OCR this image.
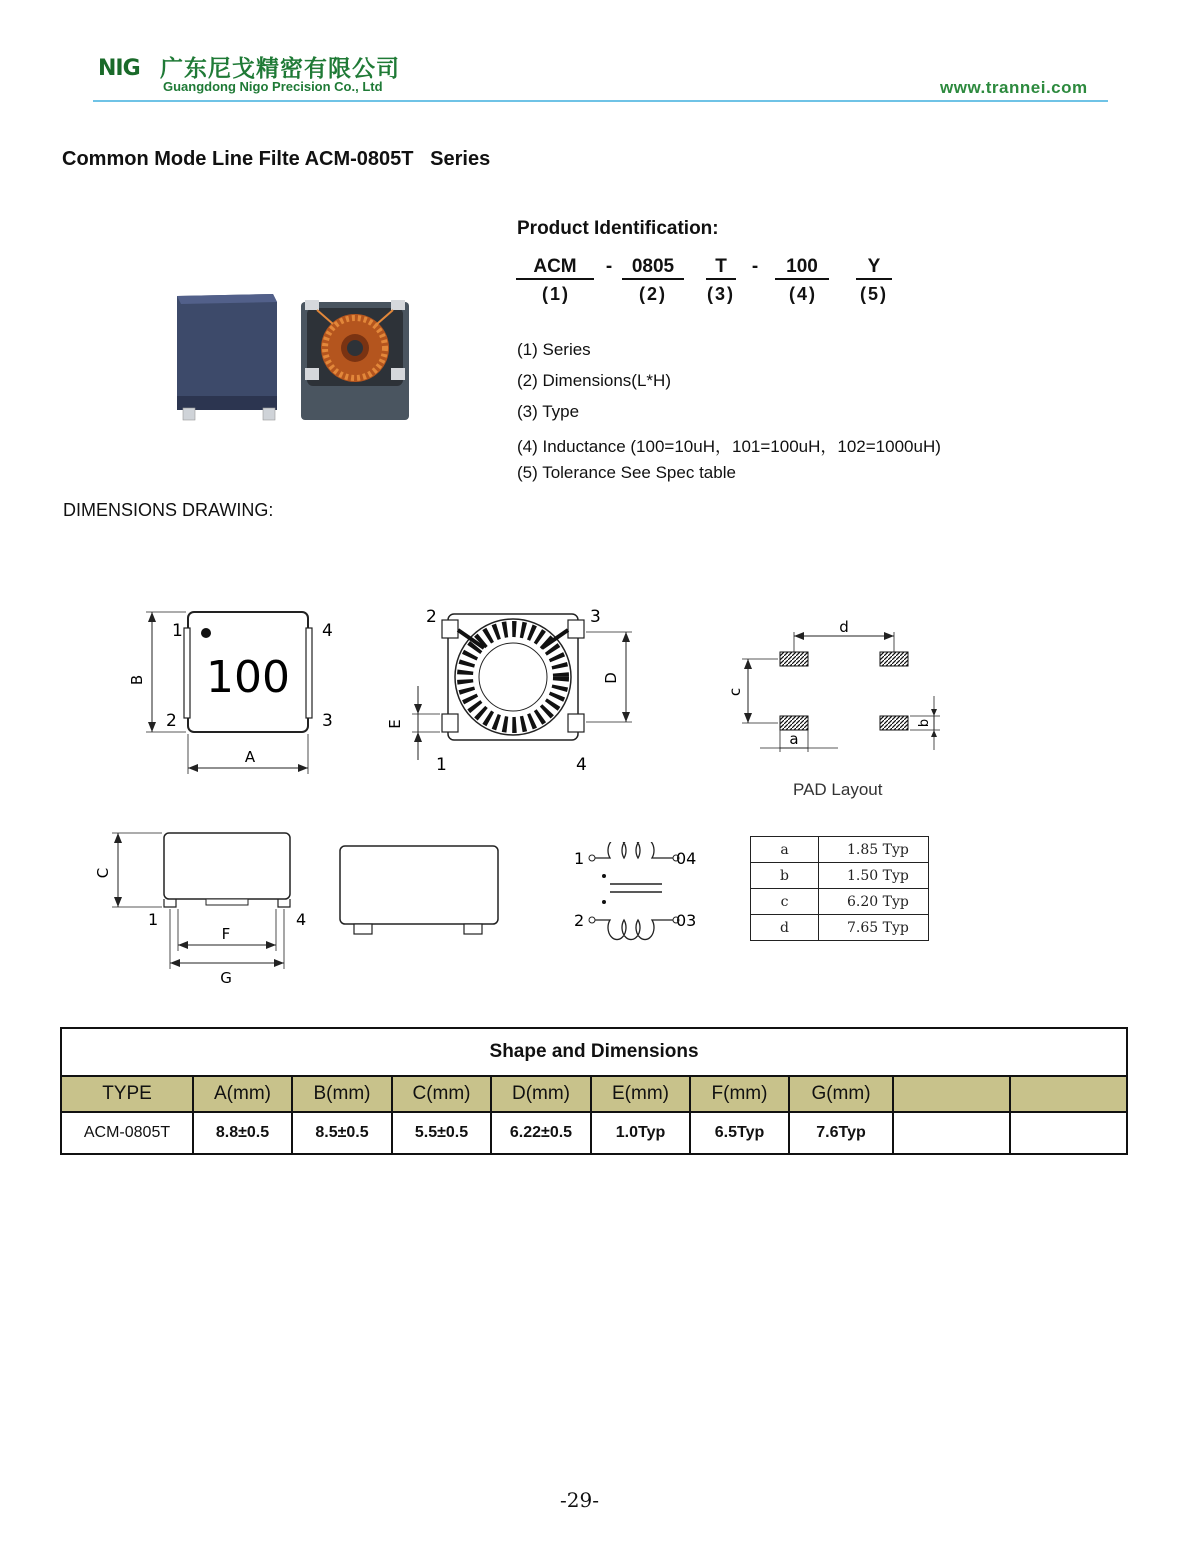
NIG 广东尼戈精密有限公司
Guangdong Nigo Precision Co., Ltd	www.trannei.com
Common Mode Line Filte ACM-0805T   Series
Product Identification:
ACM	-	0805	T	-	100	Y
(1)	(2)	(3)	(4)	(5)
(1) Series
(2) Dimensions(L*H)
(3) Type
(4) Inductance (100=10uH，101=100uH，102=1000uH)
(5) Tolerance See Spec table
DIMENSIONS DRAWING:
100
1	4
2	3
B
A
2	3
1	4
D
E
d
c
a
b
PAD Layout
1	4
C
F
G
1	04
2	03
a	1.85 Typ
b	1.50 Typ
c	6.20 Typ
d	7.65 Typ
Shape and Dimensions									
TYPE	A(mm)	B(mm)	C(mm)	D(mm)	E(mm)	F(mm)	G(mm)		
ACM-0805T	8.8±0.5	8.5±0.5	5.5±0.5	6.22±0.5	1.0Typ	6.5Typ	7.6Typ		
-29-
